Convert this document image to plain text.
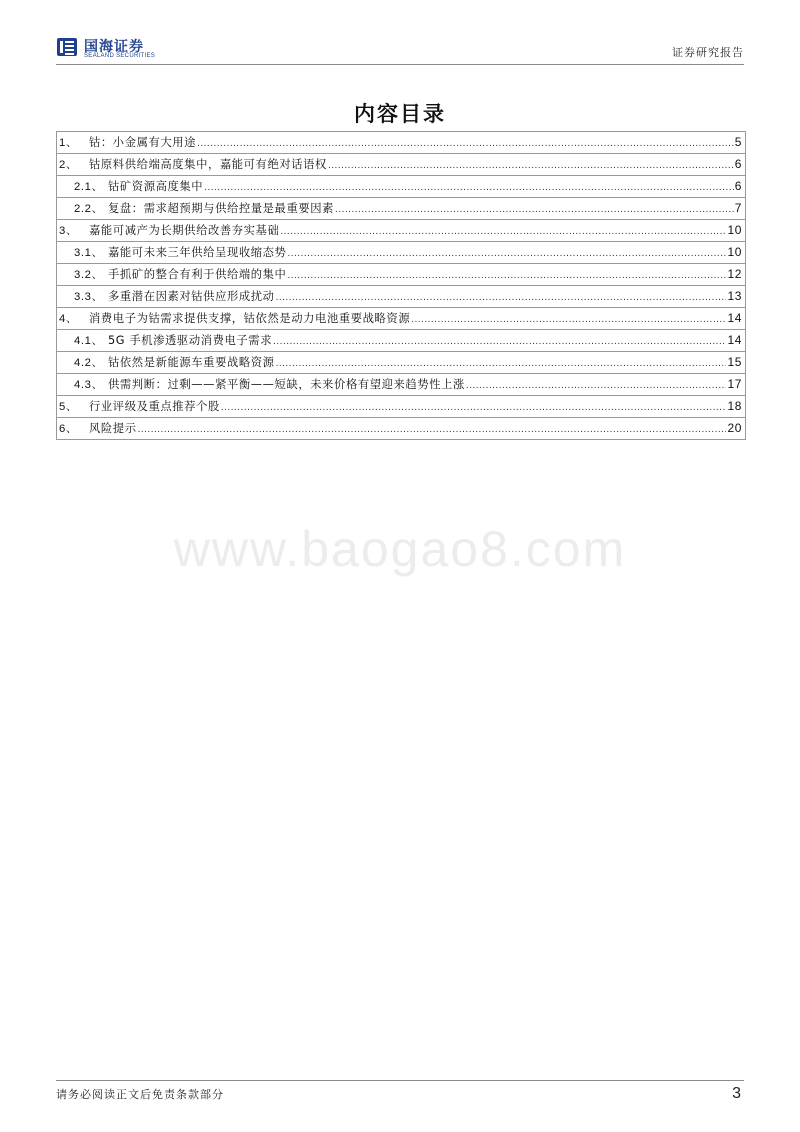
国海证券
SEALAND SECURITIES	证券研究报告
内容目录
1、 钴：小金属有大用途 .....	5
2、 钴原料供给端高度集中，嘉能可有绝对话语权 .....	6
2.1、 钴矿资源高度集中 .....	6
2.2、 复盘：需求超预期与供给控量是最重要因素 .....	7
3、 嘉能可减产为长期供给改善夯实基础 .....	10
3.1、 嘉能可未来三年供给呈现收缩态势 .....	10
3.2、 手抓矿的整合有利于供给端的集中 .....	12
3.3、 多重潜在因素对钴供应形成扰动 .....	13
4、 消费电子为钴需求提供支撑，钴依然是动力电池重要战略资源 .....	14
4.1、 5G 手机渗透驱动消费电子需求 .....	14
4.2、 钴依然是新能源车重要战略资源 .....	15
4.3、 供需判断：过剩——紧平衡——短缺，未来价格有望迎来趋势性上涨 .....	17
5、 行业评级及重点推荐个股 .....	18
6、 风险提示 .....	20
www.baogao8.com
请务必阅读正文后免责条款部分	3
